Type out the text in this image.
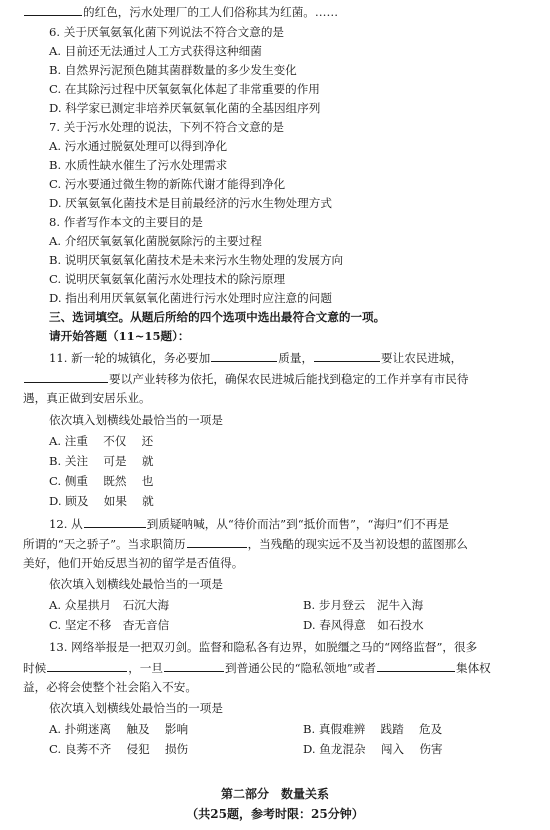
的红色，污水处理厂的工人们俗称其为红菌。……
6. 关于厌氧氨氧化菌下列说法不符合文意的是
A. 目前还无法通过人工方式获得这种细菌
B. 自然界污泥预色随其菌群数量的多少发生变化
C. 在其除污过程中厌氧氨氧化体起了非常重要的作用
D. 科学家已测定非培养厌氧氨氧化菌的全基因组序列
7. 关于污水处理的说法，下列不符合文意的是
A. 污水通过脱氨处理可以得到净化
B. 水质性缺水催生了污水处理需求
C. 污水要通过微生物的新陈代谢才能得到净化
D. 厌氧氨氧化菌技术是目前最经济的污水生物处理方式
8. 作者写作本文的主要目的是
A. 介绍厌氧氨氧化菌脱氨除污的主要过程
B. 说明厌氧氨氧化菌技术是未来污水生物处理的发展方向
C. 说明厌氧氨氧化菌污水处理技术的除污原理
D. 指出利用厌氧氨氧化菌进行污水处理时应注意的问题
三、选词填空。从题后所给的四个选项中选出最符合文意的一项。
请开始答题（11~15题）：
11. 新一轮的城镇化，务必要加	质量，	要让农民进城，
要以产业转移为依托，确保农民进城后能找到稳定的工作并享有市民待
遇，真正做到安居乐业。
依次填入划横线处最恰当的一项是
A. 注重　 不仅　 还
B. 关注　 可是　 就
C. 侧重　 既然　 也
D. 顾及　 如果　 就
12. 从	到质疑呐喊，从“待价而沽”到“抵价而售”，“海归”们不再是
所谓的“天之骄子”。当求职简历	，当残酷的现实远不及当初设想的蓝图那么
美好，他们开始反思当初的留学是否值得。
依次填入划横线处最恰当的一项是
A. 众星拱月　石沉大海	B. 步月登云　泥牛入海
C. 坚定不移　杳无音信	D. 春风得意　如石投水
13. 网络举报是一把双刃剑。监督和隐私各有边界，如脱缰之马的“网络监督”，很多
时候	，一旦	到普通公民的“隐私领地”或者	集体权
益，必将会使整个社会陷入不安。
依次填入划横线处最恰当的一项是
A. 扑朔迷离　 触及　 影响	B. 真假难辨　 践踏　 危及
C. 良莠不齐　 侵犯　 损伤	D. 鱼龙混杂　 闯入　 伤害
第二部分　数量关系
（共25题，参考时限：25分钟）
